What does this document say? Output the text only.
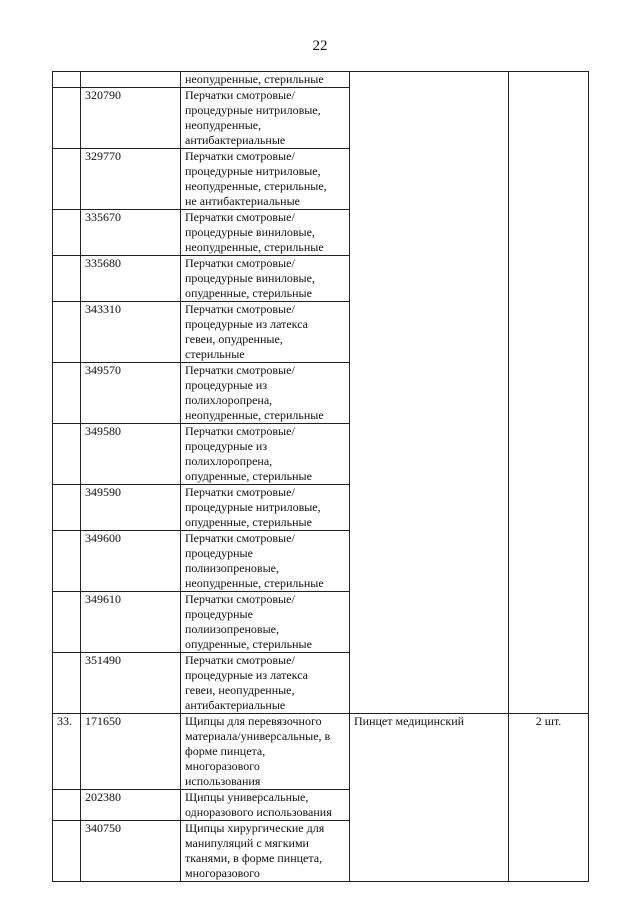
22

		неопудренные, стерильные		

	320790	Перчатки смотровые/
процедурные нитриловые,
неопудренные,
антибактериальные		

	329770	Перчатки смотровые/
процедурные нитриловые,
неопудренные, стерильные,
не антибактериальные		

	335670	Перчатки смотровые/
процедурные виниловые,
неопудренные, стерильные		

	335680	Перчатки смотровые/
процедурные виниловые,
опудренные, стерильные		

	343310	Перчатки смотровые/
процедурные из латекса
гевеи, опудренные,
стерильные		

	349570	Перчатки смотровые/
процедурные из
полихлоропрена,
неопудренные, стерильные		

	349580	Перчатки смотровые/
процедурные из
полихлоропрена,
опудренные, стерильные		

	349590	Перчатки смотровые/
процедурные нитриловые,
опудренные, стерильные		

	349600	Перчатки смотровые/
процедурные
полиизопреновые,
неопудренные, стерильные		

	349610	Перчатки смотровые/
процедурные
полиизопреновые,
опудренные, стерильные		

	351490	Перчатки смотровые/
процедурные из латекса
гевеи, неопудренные,
антибактериальные		

33.	171650	Щипцы для перевязочного
материала/универсальные, в
форме пинцета,
многоразового
использования	Пинцет медицинский	2 шт.
	202380	Щипцы универсальные,
одноразового использования		

	340750	Щипцы хирургические для
манипуляций с мягкими
тканями, в форме пинцета,
многоразового		
